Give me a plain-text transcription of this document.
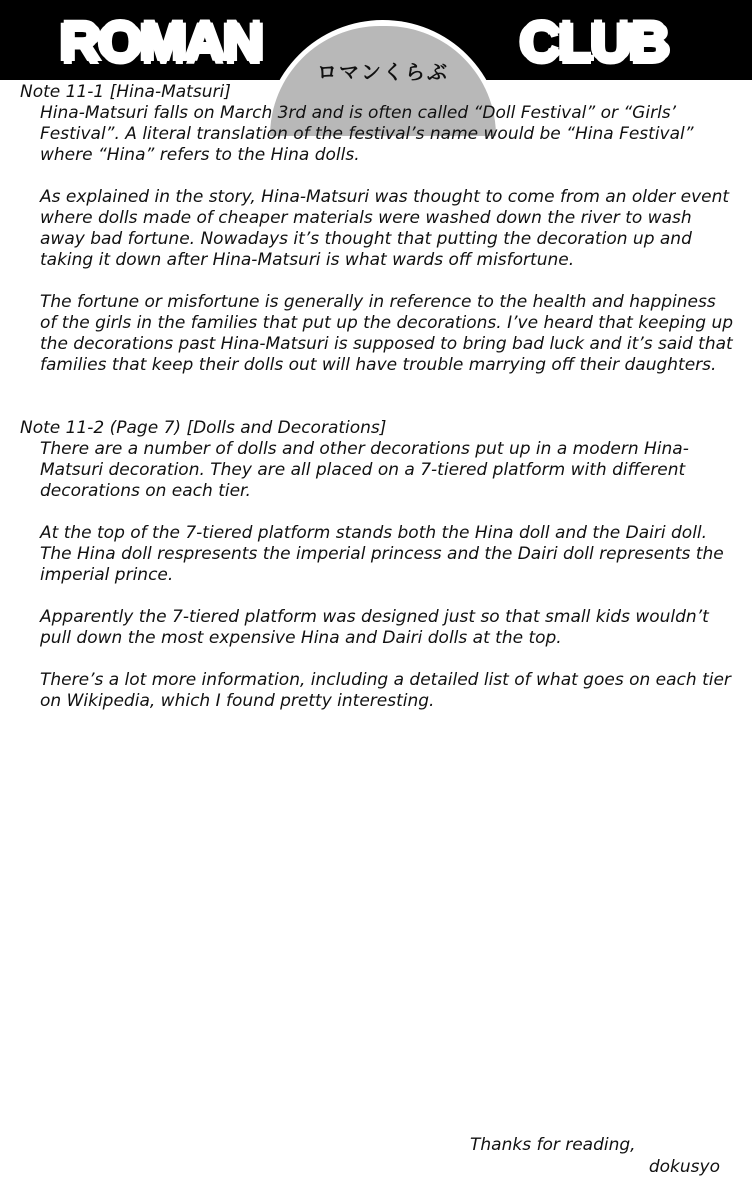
ロマンくらぶ
ROMAN	CLUB

Note 11-1 [Hina-Matsuri]

Hina-Matsuri falls on March 3rd and is often called “Doll Festival” or “Girls’ Festival”. A literal translation of the festival’s name would be “Hina Festival” where “Hina” refers to the Hina dolls.

As explained in the story, Hina-Matsuri was thought to come from an older event where dolls made of cheaper materials were washed down the river to wash away bad fortune. Nowadays it’s thought that putting the decoration up and taking it down after Hina-Matsuri is what wards off misfortune.

The fortune or misfortune is generally in reference to the health and happiness of the girls in the families that put up the decorations. I’ve heard that keeping up the decorations past Hina-Matsuri is supposed to bring bad luck and it’s said that families that keep their dolls out will have trouble marrying off their daughters.

Note 11-2 (Page 7) [Dolls and Decorations]

There are a number of dolls and other decorations put up in a modern Hina-Matsuri decoration. They are all placed on a 7-tiered platform with different decorations on each tier.

At the top of the 7-tiered platform stands both the Hina doll and the Dairi doll. The Hina doll respresents the imperial princess and the Dairi doll represents the imperial prince.

Apparently the 7-tiered platform was designed just so that small kids wouldn’t pull down the most expensive Hina and Dairi dolls at the top.

There’s a lot more information, including a detailed list of what goes on each tier on Wikipedia, which I found pretty interesting.

Thanks for reading,
dokusyo
